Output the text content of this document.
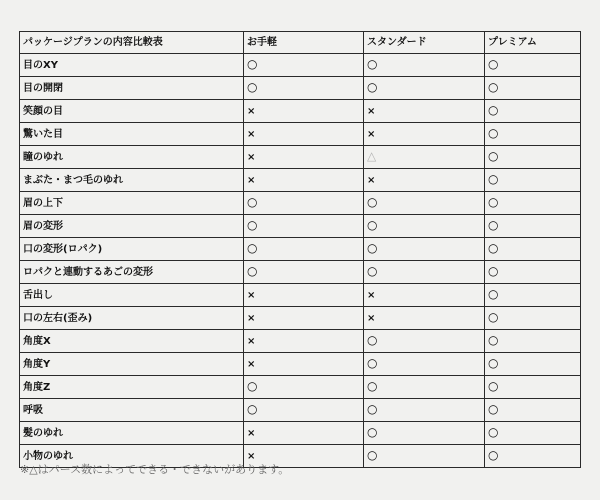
パッケージプランの内容比較表	お手軽	スタンダード	プレミアム
目のXY	○	○	○
目の開閉	○	○	○
笑顔の目	×	×	○
驚いた目	×	×	○
瞳のゆれ	×	△	○
まぶた・まつ毛のゆれ	×	×	○
眉の上下	○	○	○
眉の変形	○	○	○
口の変形(ロパク)	○	○	○
ロパクと連動するあごの変形	○	○	○
舌出し	×	×	○
口の左右(歪み)	×	×	○
角度X	×	○	○
角度Y	×	○	○
角度Z	○	○	○
呼吸	○	○	○
髪のゆれ	×	○	○
小物のゆれ	×	○	○
※△はパース数によってできる・できないがあります。
